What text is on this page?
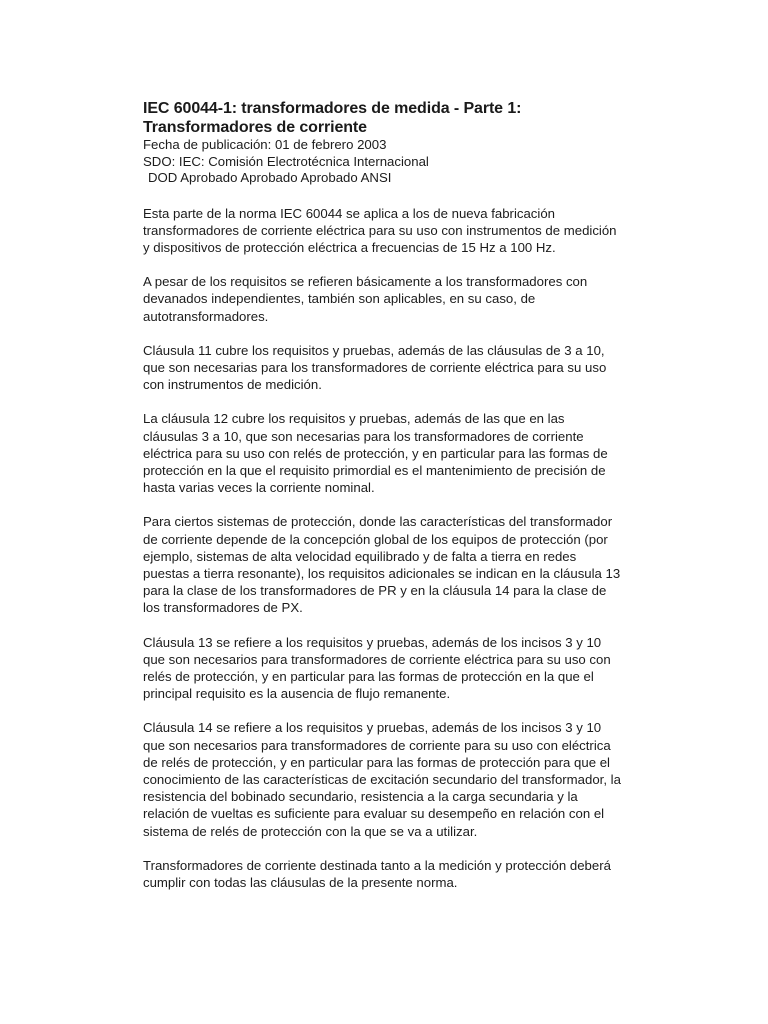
IEC 60044-1: transformadores de medida - Parte 1: Transformadores de corriente

Fecha de publicación: 01 de febrero 2003

SDO: IEC: Comisión Electrotécnica Internacional

DOD Aprobado Aprobado Aprobado ANSI

Esta parte de la norma IEC 60044 se aplica a los de nueva fabricación transformadores de corriente eléctrica para su uso con instrumentos de medición y dispositivos de protección eléctrica a frecuencias de 15 Hz a 100 Hz.

A pesar de los requisitos se refieren básicamente a los transformadores con devanados independientes, también son aplicables, en su caso, de autotransformadores.

Cláusula 11 cubre los requisitos y pruebas, además de las cláusulas de 3 a 10, que son necesarias para los transformadores de corriente eléctrica para su uso con instrumentos de medición.

La cláusula 12 cubre los requisitos y pruebas, además de las que en las cláusulas 3 a 10, que son necesarias para los transformadores de corriente eléctrica para su uso con relés de protección, y en particular para las formas de protección en la que el requisito primordial es el mantenimiento de precisión de hasta varias veces la corriente nominal.

Para ciertos sistemas de protección, donde las características del transformador de corriente depende de la concepción global de los equipos de protección (por ejemplo, sistemas de alta velocidad equilibrado y de falta a tierra en redes puestas a tierra resonante), los requisitos adicionales se indican en la cláusula 13 para la clase de los transformadores de PR y en la cláusula 14 para la clase de los transformadores de PX.

Cláusula 13 se refiere a los requisitos y pruebas, además de los incisos 3 y 10 que son necesarios para transformadores de corriente eléctrica para su uso con relés de protección, y en particular para las formas de protección en la que el principal requisito es la ausencia de flujo remanente.

Cláusula 14 se refiere a los requisitos y pruebas, además de los incisos 3 y 10 que son necesarios para transformadores de corriente para su uso con eléctrica de relés de protección, y en particular para las formas de protección para que el conocimiento de las características de excitación secundario del transformador, la resistencia del bobinado secundario, resistencia a la carga secundaria y la relación de vueltas es suficiente para evaluar su desempeño en relación con el sistema de relés de protección con la que se va a utilizar.

Transformadores de corriente destinada tanto a la medición y protección deberá cumplir con todas las cláusulas de la presente norma.
